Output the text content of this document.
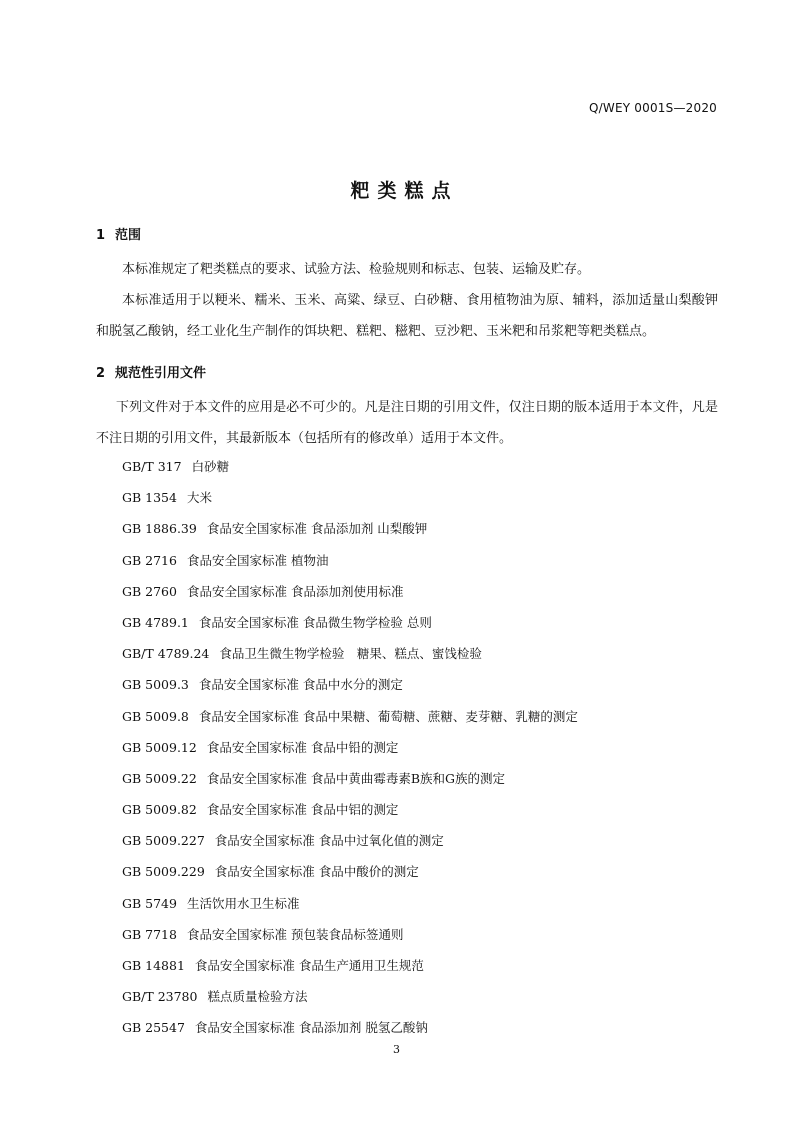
Q/WEY 0001S—2020
粑类糕点
1 范围
本标准规定了粑类糕点的要求、试验方法、检验规则和标志、包装、运输及贮存。
本标准适用于以粳米、糯米、玉米、高粱、绿豆、白砂糖、食用植物油为原、辅料，添加适量山梨酸钾和脱氢乙酸钠，经工业化生产制作的饵块粑、糕粑、糍粑、豆沙粑、玉米粑和吊浆粑等粑类糕点。
2 规范性引用文件
下列文件对于本文件的应用是必不可少的。凡是注日期的引用文件，仅注日期的版本适用于本文件，凡是不注日期的引用文件，其最新版本（包括所有的修改单）适用于本文件。
GB/T 317 白砂糖
GB 1354 大米
GB 1886.39 食品安全国家标准 食品添加剂 山梨酸钾
GB 2716 食品安全国家标准 植物油
GB 2760 食品安全国家标准 食品添加剂使用标准
GB 4789.1 食品安全国家标准 食品微生物学检验 总则
GB/T 4789.24 食品卫生微生物学检验　糖果、糕点、蜜饯检验
GB 5009.3 食品安全国家标准 食品中水分的测定
GB 5009.8 食品安全国家标准 食品中果糖、葡萄糖、蔗糖、麦芽糖、乳糖的测定
GB 5009.12 食品安全国家标准 食品中铅的测定
GB 5009.22 食品安全国家标准 食品中黄曲霉毒素B族和G族的测定
GB 5009.82 食品安全国家标准 食品中铝的测定
GB 5009.227 食品安全国家标准 食品中过氧化值的测定
GB 5009.229 食品安全国家标准 食品中酸价的测定
GB 5749 生活饮用水卫生标准
GB 7718 食品安全国家标准 预包装食品标签通则
GB 14881 食品安全国家标准 食品生产通用卫生规范
GB/T 23780 糕点质量检验方法
GB 25547 食品安全国家标准 食品添加剂 脱氢乙酸钠
3
